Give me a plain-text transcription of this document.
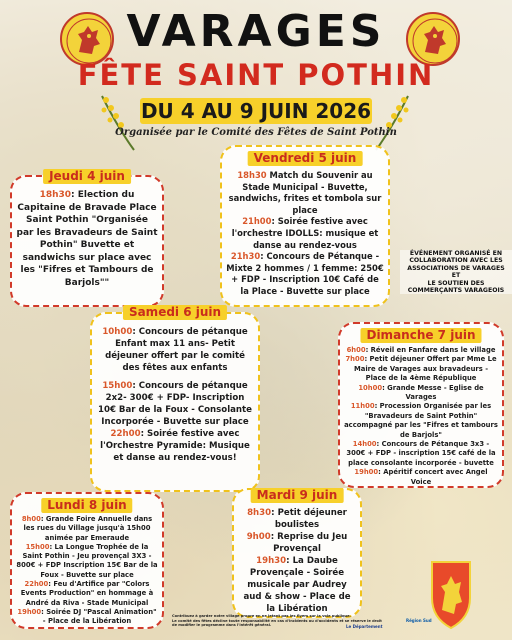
VARAGES
FÊTE SAINT POTHIN
DU 4 AU 9 JUIN 2026
Organisée par le Comité des Fêtes de Saint Pothin
Jeudi 4 juin
18h30: Election du Capitaine de Bravade Place Saint Pothin "Organisée par les Bravadeurs de Saint Pothin" Buvette et sandwichs sur place avec les "Fifres et Tambours de Barjols""
Vendredi 5 juin
18h30 Match du Souvenir au Stade Municipal - Buvette, sandwichs, frites et tombola sur place
21h00: Soirée festive avec l'orchestre IDOLLS: musique et danse au rendez-vous
21h30: Concours de Pétanque - Mixte 2 hommes / 1 femme: 250€ + FDP - Inscription 10€ Café de la Place - Buvette sur place
ÉVÉNEMENT ORGANISÉ EN COLLABORATION AVEC LES ASSOCIATIONS DE VARAGES
ET
LE SOUTIEN DES COMMERÇANTS VARAGEOIS
Samedi 6 juin
10h00: Concours de pétanque Enfant max 11 ans- Petit déjeuner offert par le comité des fêtes aux enfants
15h00: Concours de pétanque 2x2- 300€ + FDP- Inscription 10€ Bar de la Foux - Consolante Incorporée - Buvette sur place
22h00: Soirée festive avec l'Orchestre Pyramide: Musique et danse au rendez-vous!
Dimanche 7 juin
6h00: Réveil en Fanfare dans le village
7h00: Petit déjeuner Offert par Mme Le Maire de Varages aux bravadeurs - Place de la 4ème République
10h00: Grande Messe - Eglise de Varages
11h00: Procession Organisée par les "Bravadeurs de Saint Pothin" accompagné par les "Fifres et tambours de Barjols"
14h00: Concours de Pétanque 3x3 - 300€ + FDP - inscription 15€ café de la place consolante incorporée - buvette
19h00: Apéritif concert avec Angel Voice
Lundi 8 juin
8h00: Grande Foire Annuelle dans les rues du Village jusqu'à 15h00 animée par Emeraude
15h00: La Longue Trophée de la Saint Pothin - Jeu provençal 3X3 - 800€ + FDP Inscription 15€ Bar de la Foux - Buvette sur place
22h00: Feu d'Artifice par "Colors Events Production" en hommage à André da Riva - Stade Municipal
19h00: Soirée DJ "Pascal Animation" - Place de la Libération
Mardi 9 juin
8h30: Petit déjeuner boulistes
9h00: Reprise du Jeu Provençal
19h30: La Daube Provençale - Soirée musicale par Audrey aud & show - Place de la Libération
Contribuez à garder notre village propre en ne jetant pas les flyers sur la voie publique.
Le comité des fêtes décline toute responsabilité en cas d'incidents ou d'accidents et se réserve le droit de modifier le programme dans l'intérêt général.	Le Département
Région Sud
